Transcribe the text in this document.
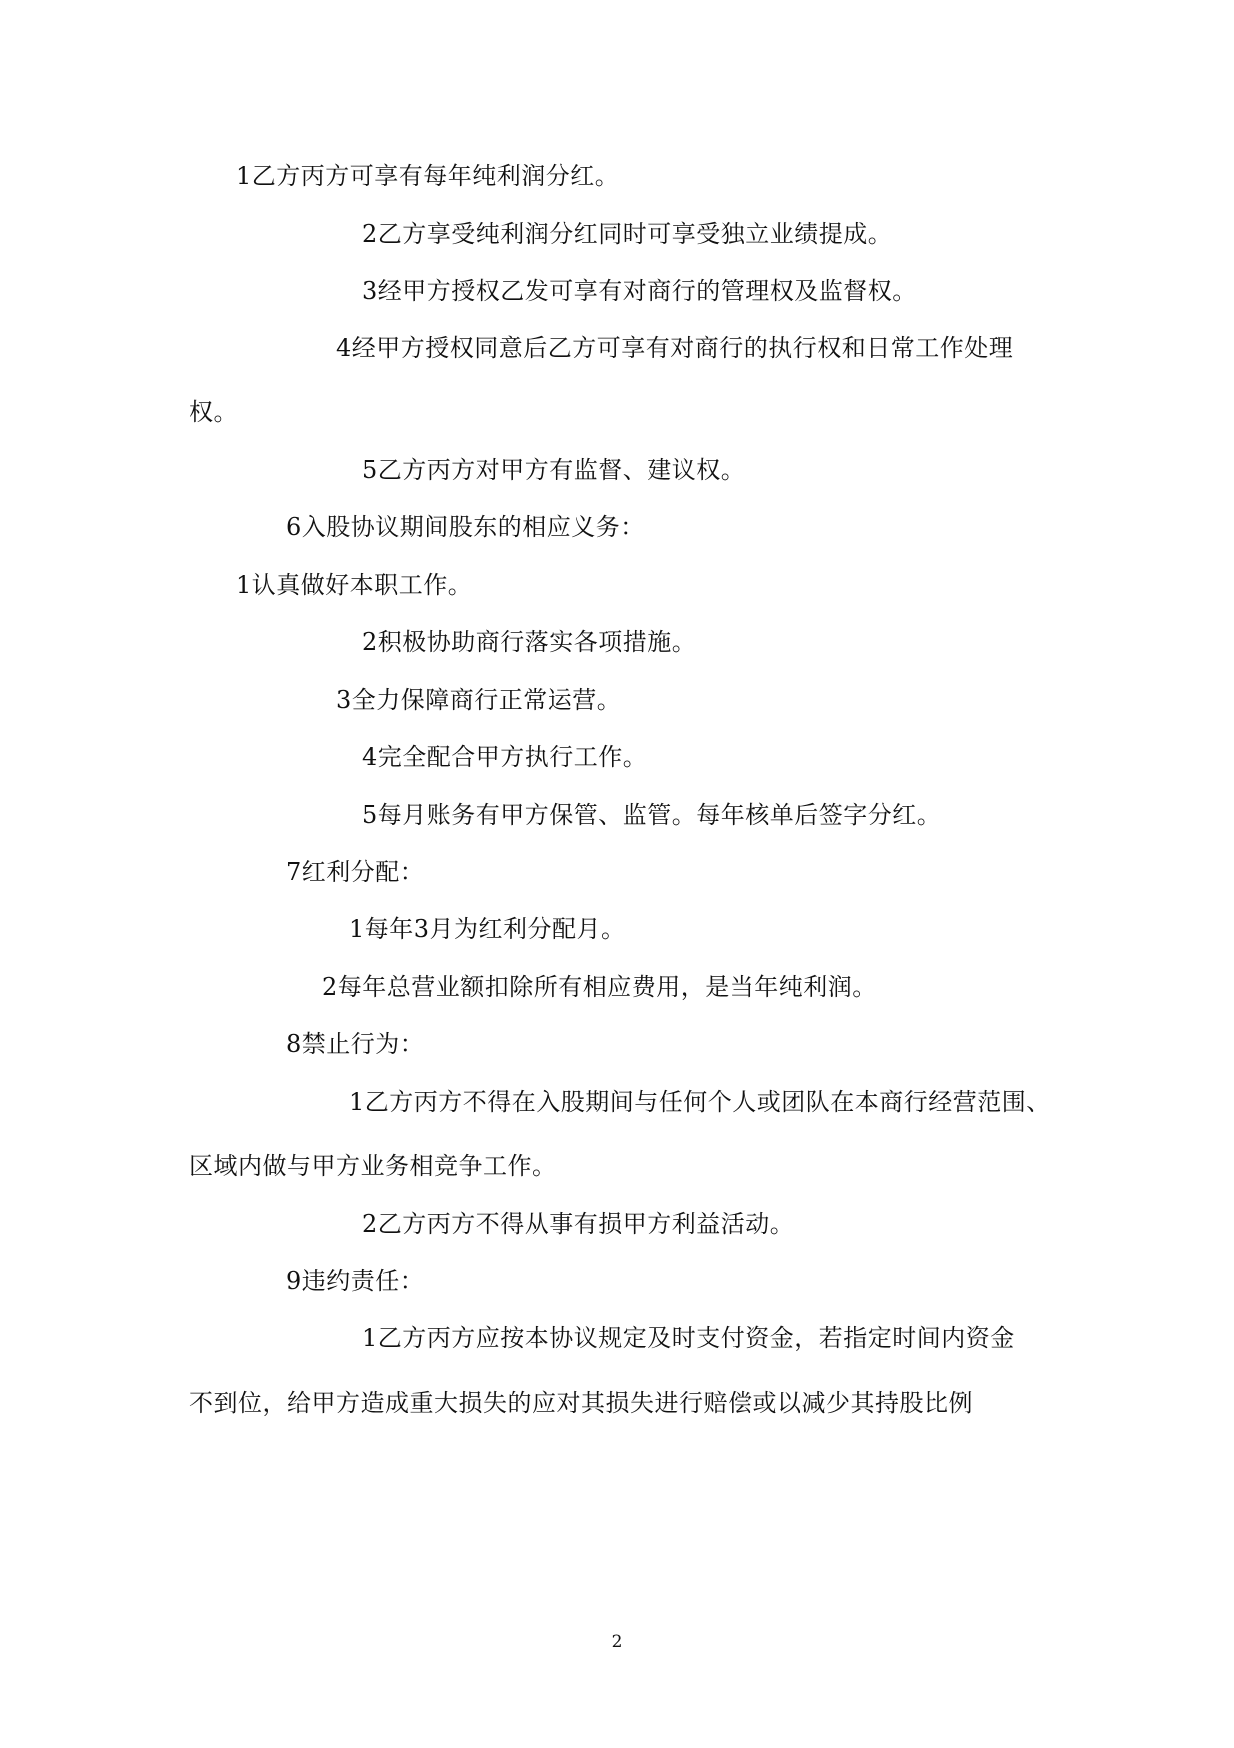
1乙方丙方可享有每年纯利润分红。
2乙方享受纯利润分红同时可享受独立业绩提成。
3经甲方授权乙发可享有对商行的管理权及监督权。
4经甲方授权同意后乙方可享有对商行的执行权和日常工作处理
权。
5乙方丙方对甲方有监督、建议权。
6入股协议期间股东的相应义务：
1认真做好本职工作。
2积极协助商行落实各项措施。
3全力保障商行正常运营。
4完全配合甲方执行工作。
5每月账务有甲方保管、监管。每年核单后签字分红。
7红利分配：
1每年3月为红利分配月。
2每年总营业额扣除所有相应费用，是当年纯利润。
8禁止行为：
1乙方丙方不得在入股期间与任何个人或团队在本商行经营范围、
区域内做与甲方业务相竞争工作。
2乙方丙方不得从事有损甲方利益活动。
9违约责任：
1乙方丙方应按本协议规定及时支付资金，若指定时间内资金
不到位，给甲方造成重大损失的应对其损失进行赔偿或以减少其持股比例
2
